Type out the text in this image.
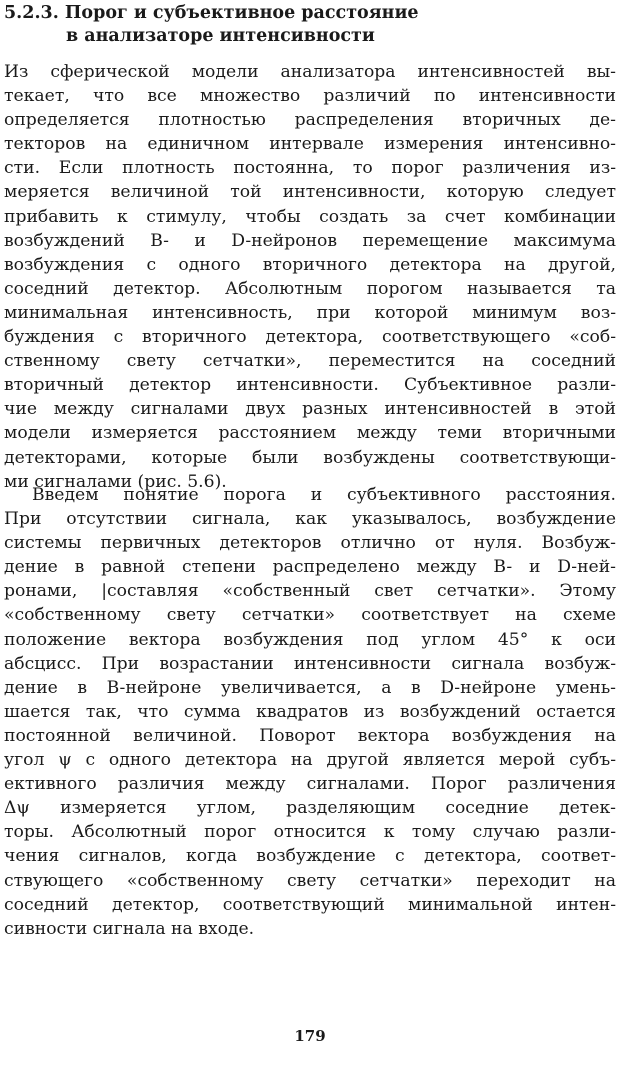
5.2.3. Порог и субъективное расстояние
в анализаторе интенсивности
Из сферической модели анализатора интенсивностей вы-
текает, что все множество различий по интенсивности
определяется плотностью распределения вторичных де-
текторов на единичном интервале измерения интенсивно-
сти. Если плотность постоянна, то порог различения из-
меряется величиной той интенсивности, которую следует
прибавить к стимулу, чтобы создать за счет комбинации
возбуждений B- и D-нейронов перемещение максимума
возбуждения с одного вторичного детектора на другой,
соседний детектор. Абсолютным порогом называется та
минимальная интенсивность, при которой минимум воз-
буждения с вторичного детектора, соответствующего «соб-
ственному свету сетчатки», переместится на соседний
вторичный детектор интенсивности. Субъективное разли-
чие между сигналами двух разных интенсивностей в этой
модели измеряется расстоянием между теми вторичными
детекторами, которые были возбуждены соответствующи-
ми сигналами (рис. 5.6).
Введем понятие порога и субъективного расстояния.
При отсутствии сигнала, как указывалось, возбуждение
системы первичных детекторов отлично от нуля. Возбуж-
дение в равной степени распределено между B- и D-ней-
ронами, |составляя «собственный свет сетчатки». Этому
«собственному свету сетчатки» соответствует на схеме
положение вектора возбуждения под углом 45° к оси
абсцисс. При возрастании интенсивности сигнала возбуж-
дение в B-нейроне увеличивается, а в D-нейроне умень-
шается так, что сумма квадратов из возбуждений остается
постоянной величиной. Поворот вектора возбуждения на
угол ψ с одного детектора на другой является мерой субъ-
ективного различия между сигналами. Порог различения
Δψ измеряется углом, разделяющим соседние детек-
торы. Абсолютный порог относится к тому случаю разли-
чения сигналов, когда возбуждение с детектора, соответ-
ствующего «собственному свету сетчатки» переходит на
соседний детектор, соответствующий минимальной интен-
сивности сигнала на входе.
179
